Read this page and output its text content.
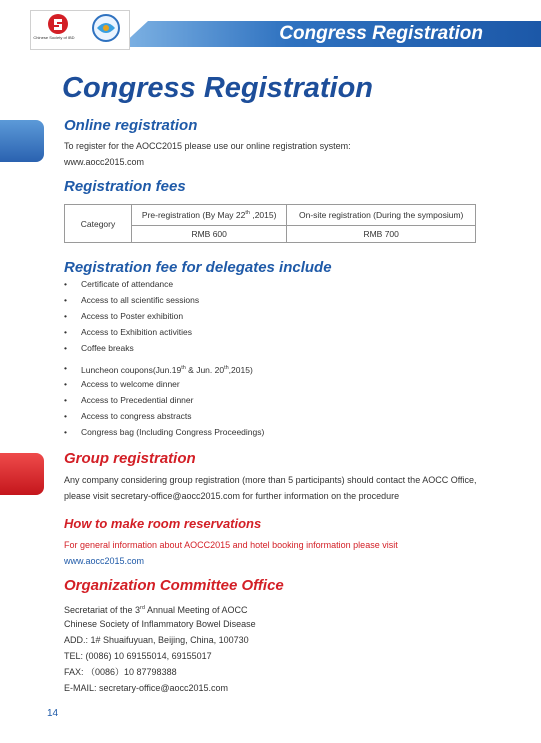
Congress Registration
Chinese Society of IBD
Congress Registration
Online registration

To register for the AOCC2015 please use our online registration system:

www.aocc2015.com

Registration fees
Category	Pre-registration (By May 22th ,2015)	On-site registration (During the symposium)
	RMB 600	RMB 700
Registration fee for delegates include
• Certificate of attendance
• Access to all scientific sessions
• Access to Poster exhibition
• Access to Exhibition activities
• Coffee breaks
• Luncheon coupons(Jun.19th & Jun. 20th,2015)
• Access to welcome dinner
• Access to Precedential dinner
• Access to congress abstracts
• Congress bag (Including Congress Proceedings)
Group registration

Any company considering group registration (more than 5 participants) should contact the AOCC Office,

please visit secretary-office@aocc2015.com for further information on the procedure

How to make room reservations

For general information about AOCC2015 and hotel booking information please visit

www.aocc2015.com

Organization Committee Office

Secretariat of the 3rd Annual Meeting of AOCC

Chinese Society of Inflammatory Bowel Disease

ADD.: 1# Shuaifuyuan, Beijing, China, 100730

TEL: (0086) 10 69155014, 69155017

FAX: （0086）10 87798388

E-MAIL: secretary-office@aocc2015.com

14
